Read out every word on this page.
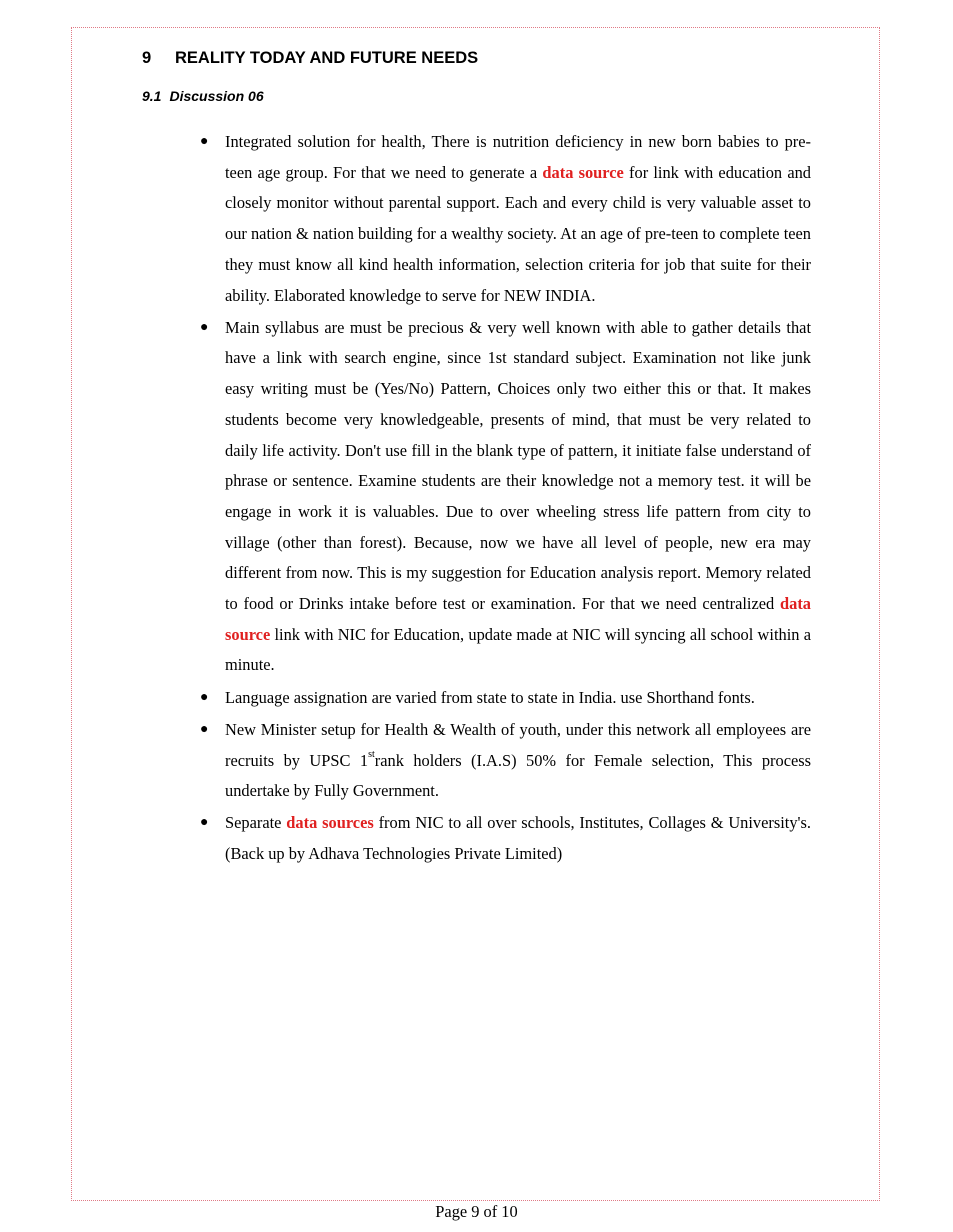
9 REALITY TODAY AND FUTURE NEEDS
9.1 Discussion 06
● Integrated solution for health, There is nutrition deficiency in new born babies to pre-teen age group. For that we need to generate a data source for link with education and closely monitor without parental support. Each and every child is very valuable asset to our nation & nation building for a wealthy society. At an age of pre-teen to complete teen they must know all kind health information, selection criteria for job that suite for their ability. Elaborated knowledge to serve for NEW INDIA.
● Main syllabus are must be precious & very well known with able to gather details that have a link with search engine, since 1st standard subject. Examination not like junk easy writing must be (Yes/No) Pattern, Choices only two either this or that. It makes students become very knowledgeable, presents of mind, that must be very related to daily life activity. Don't use fill in the blank type of pattern, it initiate false understand of phrase or sentence. Examine students are their knowledge not a memory test. it will be engage in work it is valuables. Due to over wheeling stress life pattern from city to village (other than forest). Because, now we have all level of people, new era may different from now. This is my suggestion for Education analysis report. Memory related to food or Drinks intake before test or examination. For that we need centralized data source link with NIC for Education, update made at NIC will syncing all school within a minute.
● Language assignation are varied from state to state in India. use Shorthand fonts.
● New Minister setup for Health & Wealth of youth, under this network all employees are recruits by UPSC 1strank holders (I.A.S) 50% for Female selection, This process undertake by Fully Government.
● Separate data sources from NIC to all over schools, Institutes, Collages & University's. (Back up by Adhava Technologies Private Limited)
Page 9 of 10
